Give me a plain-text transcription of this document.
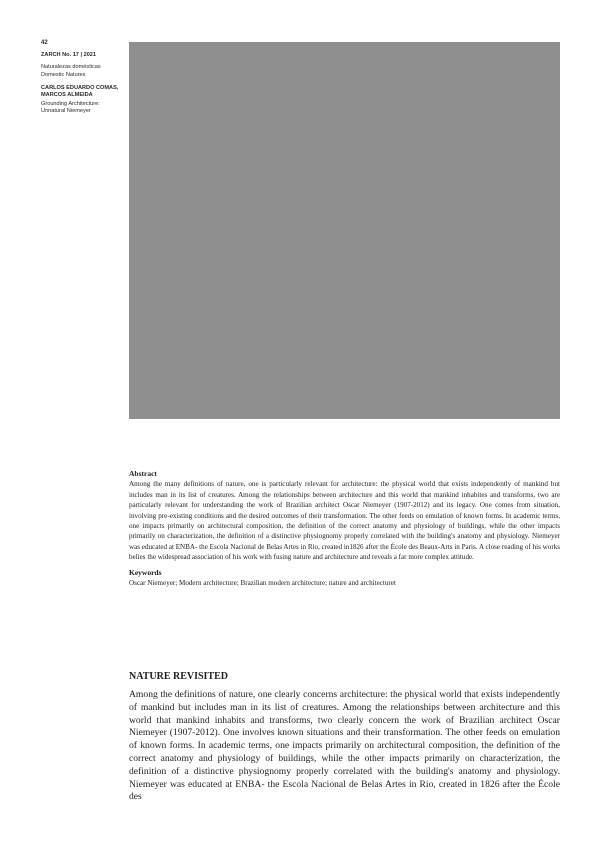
42
ZARCH No. 17 | 2021
Naturalezas domésticas
Domestic Natures
CARLOS EDUARDO COMAS,
MARCOS ALMEIDA
Grounding Architecture:
Unnatural Niemeyer
Abstract

Among the many definitions of nature, one is particularly relevant for architecture: the physical world that exists independently of mankind but includes man in its list of creatures. Among the relationships between architecture and this world that mankind inhabites and transforms, two are particularly relevant for understanding the work of Brazilian architect Oscar Niemeyer (1907-2012) and its legacy. One comes from situation, involving pre-existing conditions and the desired outcomes of their transformation. The other feeds on emulation of known forms. In academic terms, one impacts primarily on architectural composition, the definition of the correct anatomy and physiology of buildings, while the other impacts primarily on characterization, the definition of a distinctive physiognomy properly correlated with the building's anatomy and physiology. Niemeyer was educated at ENBA- the Escola Nacional de Belas Artes in Rio, created in1826 after the École des Beaux-Arts in Paris. A close reading of his works belies the widespread association of his work with fusing nature and architecture and reveals a far more complex attitude.

Keywords

Oscar Niemeyer; Modern architecture; Brazilian modern architecture; nature and architecturet

NATURE REVISITED

Among the definitions of nature, one clearly concerns architecture: the physical world that exists independently of mankind but includes man in its list of creatures. Among the relationships between architecture and this world that mankind inhabits and transforms, two clearly concern the work of Brazilian architect Oscar Niemeyer (1907-2012). One involves known situations and their transformation. The other feeds on emulation of known forms. In academic terms, one impacts primarily on architectural composition, the definition of the correct anatomy and physiology of buildings, while the other impacts primarily on characterization, the definition of a distinctive physiognomy properly correlated with the building's anatomy and physiology. Niemeyer was educated at ENBA- the Escola Nacional de Belas Artes in Rio, created in 1826 after the École des
